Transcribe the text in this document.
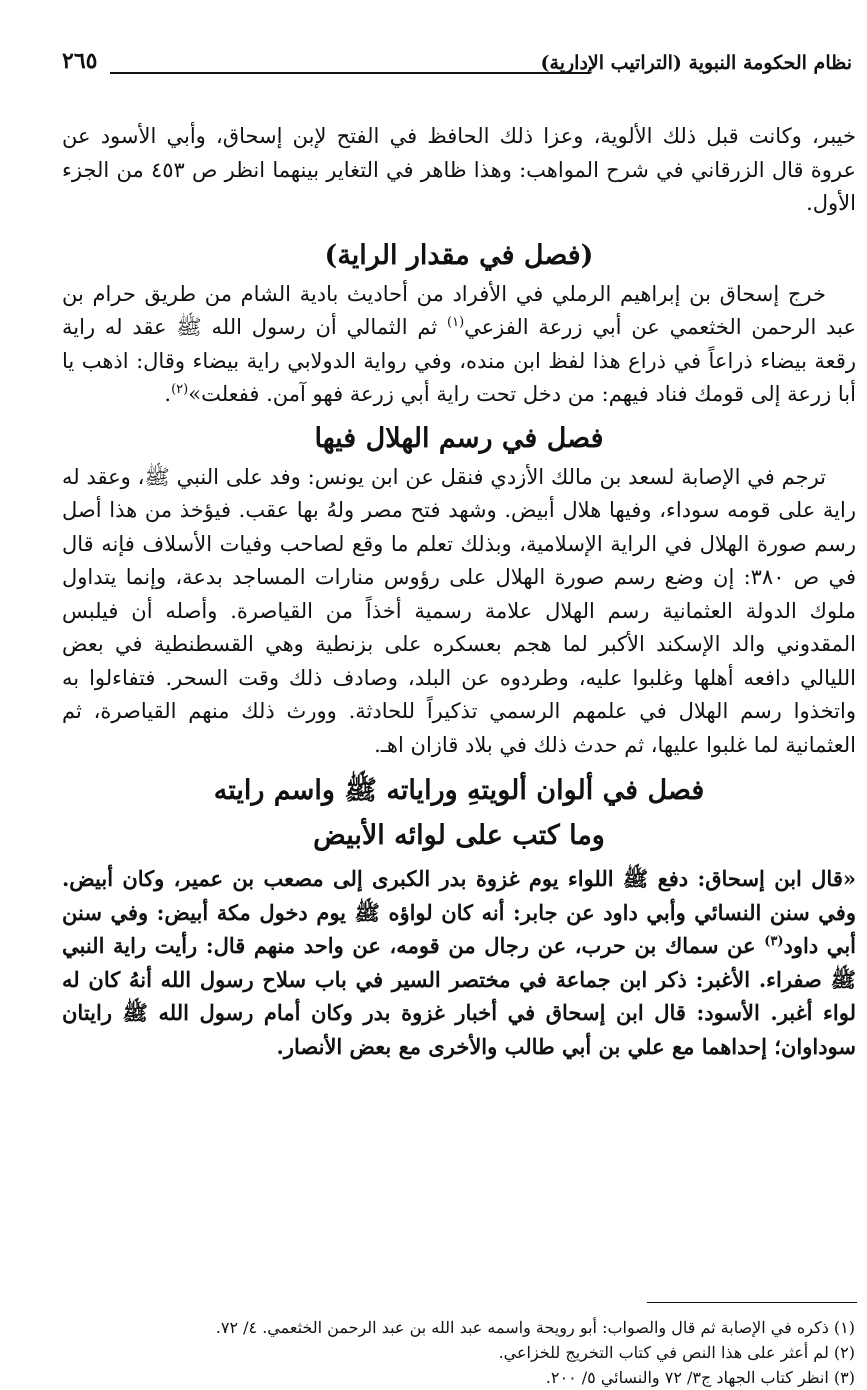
نظام الحكومة النبوية (التراتيب الإدارية)
٢٦٥

خيبر، وكانت قبل ذلك الألوية، وعزا ذلك الحافظ في الفتح لإبن إسحاق، وأبي الأسود عن عروة قال الزرقاني في شرح المواهب: وهذا ظاهر في التغاير بينهما انظر ص ٤٥٣ من الجزء الأول.

(فصل في مقدار الراية)

خرج إسحاق بن إبراهيم الرملي في الأفراد من أحاديث بادية الشام من طريق حرام بن عبد الرحمن الخثعمي عن أبي زرعة الفزعي$^{(١)}$ ثم الثمالي أن رسول الله ﷺ عقد له راية رقعة بيضاء ذراعاً في ذراع هذا لفظ ابن منده، وفي رواية الدولابي راية بيضاء وقال: اذهب يا أبا زرعة إلى قومك فناد فيهم: من دخل تحت راية أبي زرعة فهو آمن. ففعلت»$^{(٢)}$.

فصل في رسم الهلال فيها

ترجم في الإصابة لسعد بن مالك الأزدي فنقل عن ابن يونس: وفد على النبي ﷺ، وعقد له راية على قومه سوداء، وفيها هلال أبيض. وشهد فتح مصر ولهُ بها عقب. فيؤخذ من هذا أصل رسم صورة الهلال في الراية الإسلامية، وبذلك تعلم ما وقع لصاحب وفيات الأسلاف فإنه قال في ص ٣٨٠: إن وضع رسم صورة الهلال على رؤوس منارات المساجد بدعة، وإنما يتداول ملوك الدولة العثمانية رسم الهلال علامة رسمية أخذاً من القياصرة. وأصله أن فيلبس المقدوني والد الإسكند الأكبر لما هجم بعسكره على بزنطية وهي القسطنطية في بعض الليالي دافعه أهلها وغلبوا عليه، وطردوه عن البلد، وصادف ذلك وقت السحر. فتفاءلوا به واتخذوا رسم الهلال في علمهم الرسمي تذكيراً للحادثة. وورث ذلك منهم القياصرة، ثم العثمانية لما غلبوا عليها، ثم حدث ذلك في بلاد قازان اهـ.

فصل في ألوان ألويتهِ وراياته ﷺ واسم رايته
وما كتب على لوائه الأبيض

«قال ابن إسحاق: دفع ﷺ اللواء يوم غزوة بدر الكبرى إلى مصعب بن عمير، وكان أبيض. وفي سنن النسائي وأبي داود عن جابر: أنه كان لواؤه ﷺ يوم دخول مكة أبيض: وفي سنن أبي داود$^{(٣)}$ عن سماك بن حرب، عن رجال من قومه، عن واحد منهم قال: رأيت راية النبي ﷺ صفراء. الأغبر: ذكر ابن جماعة في مختصر السير في باب سلاح رسول الله أنهُ كان له لواء أغبر. الأسود: قال ابن إسحاق في أخبار غزوة بدر وكان أمام رسول الله ﷺ رايتان سوداوان؛ إحداهما مع علي بن أبي طالب والأخرى مع بعض الأنصار.

(١) ذكره في الإصابة ثم قال والصواب: أبو رويحة واسمه عبد الله بن عبد الرحمن الخثعمي. ٤/ ٧٢.
(٢) لم أعثر على هذا النص في كتاب التخريج للخزاعي.
(٣) انظر كتاب الجهاد ج٣/ ٧٢ والنسائي ٥/ ٢٠٠.
